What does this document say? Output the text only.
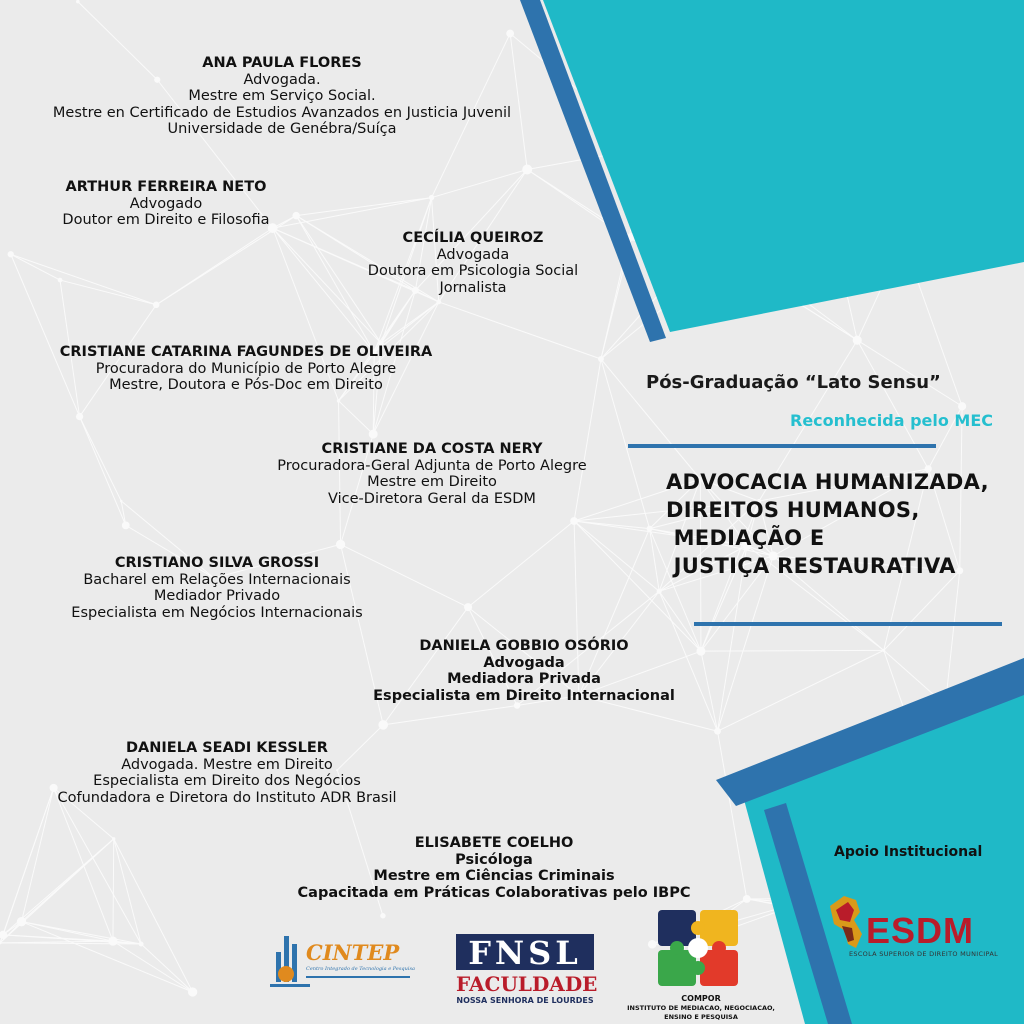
ANA PAULA FLORES
Advogada.
Mestre em Serviço Social.
Mestre en Certificado de Estudios Avanzados en Justicia Juvenil
Universidade de Genébra/Suíça
ARTHUR FERREIRA NETO
Advogado
Doutor em Direito e Filosofia
CECÍLIA QUEIROZ
Advogada
Doutora em Psicologia Social
Jornalista
CRISTIANE CATARINA FAGUNDES DE OLIVEIRA
Procuradora do Município de Porto Alegre
Mestre, Doutora e Pós-Doc em Direito
CRISTIANE DA COSTA NERY
Procuradora-Geral Adjunta de Porto Alegre
Mestre em Direito
Vice-Diretora Geral da ESDM
CRISTIANO SILVA GROSSI
Bacharel em Relações Internacionais
Mediador Privado
Especialista em Negócios Internacionais
DANIELA GOBBIO OSÓRIO
Advogada
Mediadora Privada
Especialista em Direito Internacional
DANIELA SEADI KESSLER
Advogada. Mestre em Direito
Especialista em Direito dos Negócios
Cofundadora e Diretora do Instituto ADR Brasil
ELISABETE COELHO
Psicóloga
Mestre em Ciências Criminais
Capacitada em Práticas Colaborativas pelo IBPC
Pós-Graduação “Lato Sensu”
Reconhecida pelo MEC
ADVOCACIA HUMANIZADA,
DIREITOS HUMANOS,
MEDIAÇÃO E
JUSTIÇA RESTAURATIVA
Apoio Institucional
ESDM
ESCOLA SUPERIOR DE DIREITO MUNICIPAL
CINTEP
Centro Integrado de Tecnologia e Pesquisa	FNSL
FACULDADE
NOSSA SENHORA DE LOURDES	COMPOR
INSTITUTO DE MEDIACAO, NEGOCIACAO,
ENSINO E PESQUISA
